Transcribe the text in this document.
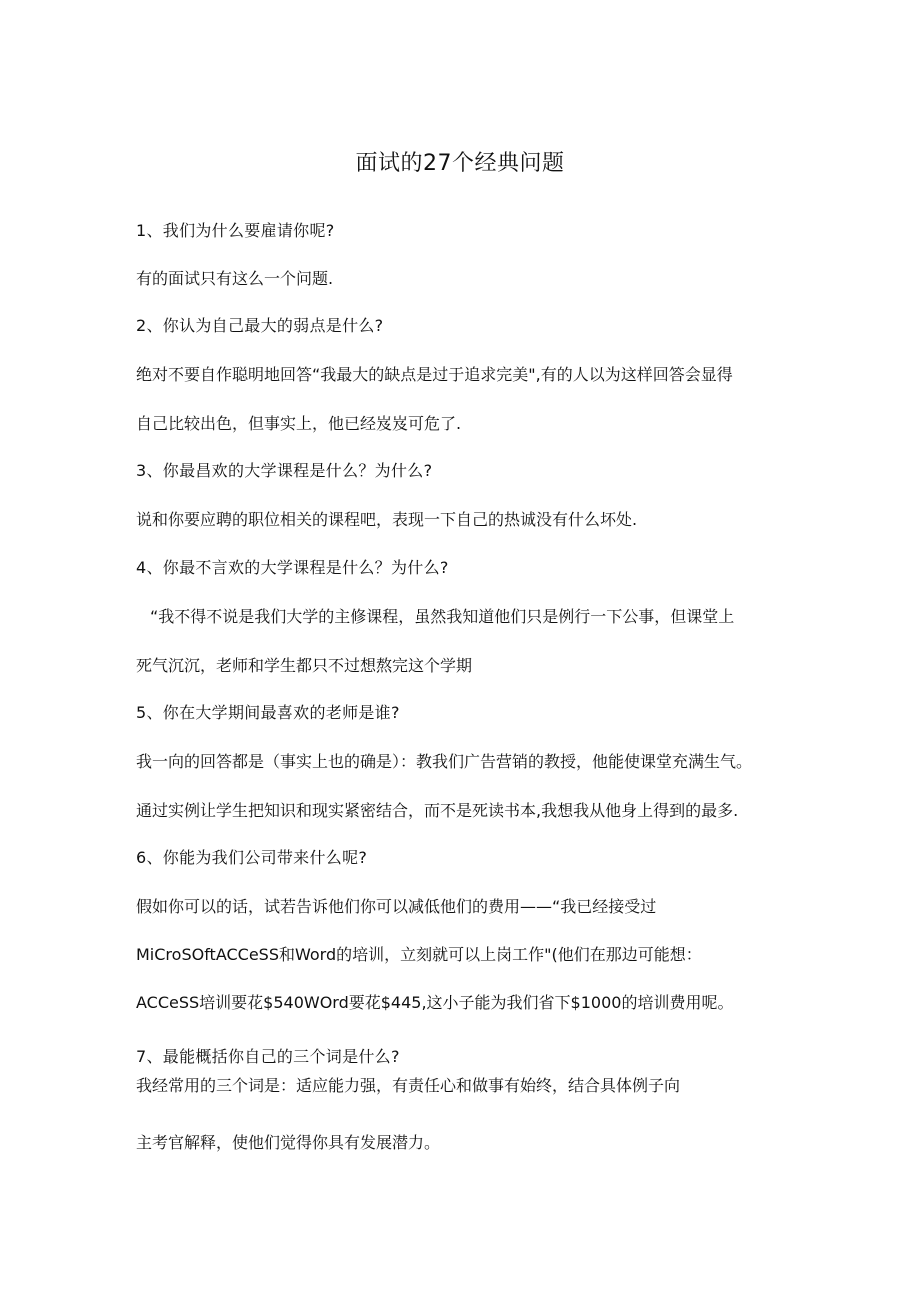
面试的27个经典问题
1、我们为什么要雇请你呢?
有的面试只有这么一个问题.
2、你认为自己最大的弱点是什么?
绝对不要自作聪明地回答“我最大的缺点是过于追求完美",有的人以为这样回答会显得
自己比较出色，但事实上，他已经岌岌可危了.
3、你最昌欢的大学课程是什么？为什么?
说和你要应聘的职位相关的课程吧，表现一下自己的热诚没有什么坏处.
4、你最不言欢的大学课程是什么？为什么?
“我不得不说是我们大学的主修课程，虽然我知道他们只是例行一下公事，但课堂上
死气沉沉，老师和学生都只不过想熬完这个学期
5、你在大学期间最喜欢的老师是谁?
我一向的回答都是（事实上也的确是）：教我们广告营销的教授，他能使课堂充满生气。
通过实例让学生把知识和现实紧密结合，而不是死读书本,我想我从他身上得到的最多.
6、你能为我们公司带来什么呢?
假如你可以的话，试若告诉他们你可以减低他们的费用——“我已经接受过
MiCroSOftACCeSS和Word的培训，立刻就可以上岗工作"(他们在那边可能想：
ACCeSS培训要花$540WOrd要花$445,这小子能为我们省下$1000的培训费用呢。
7、最能概括你自己的三个词是什么?
我经常用的三个词是：适应能力强，有责任心和做事有始终，结合具体例子向
主考官解释，使他们觉得你具有发展潜力。
